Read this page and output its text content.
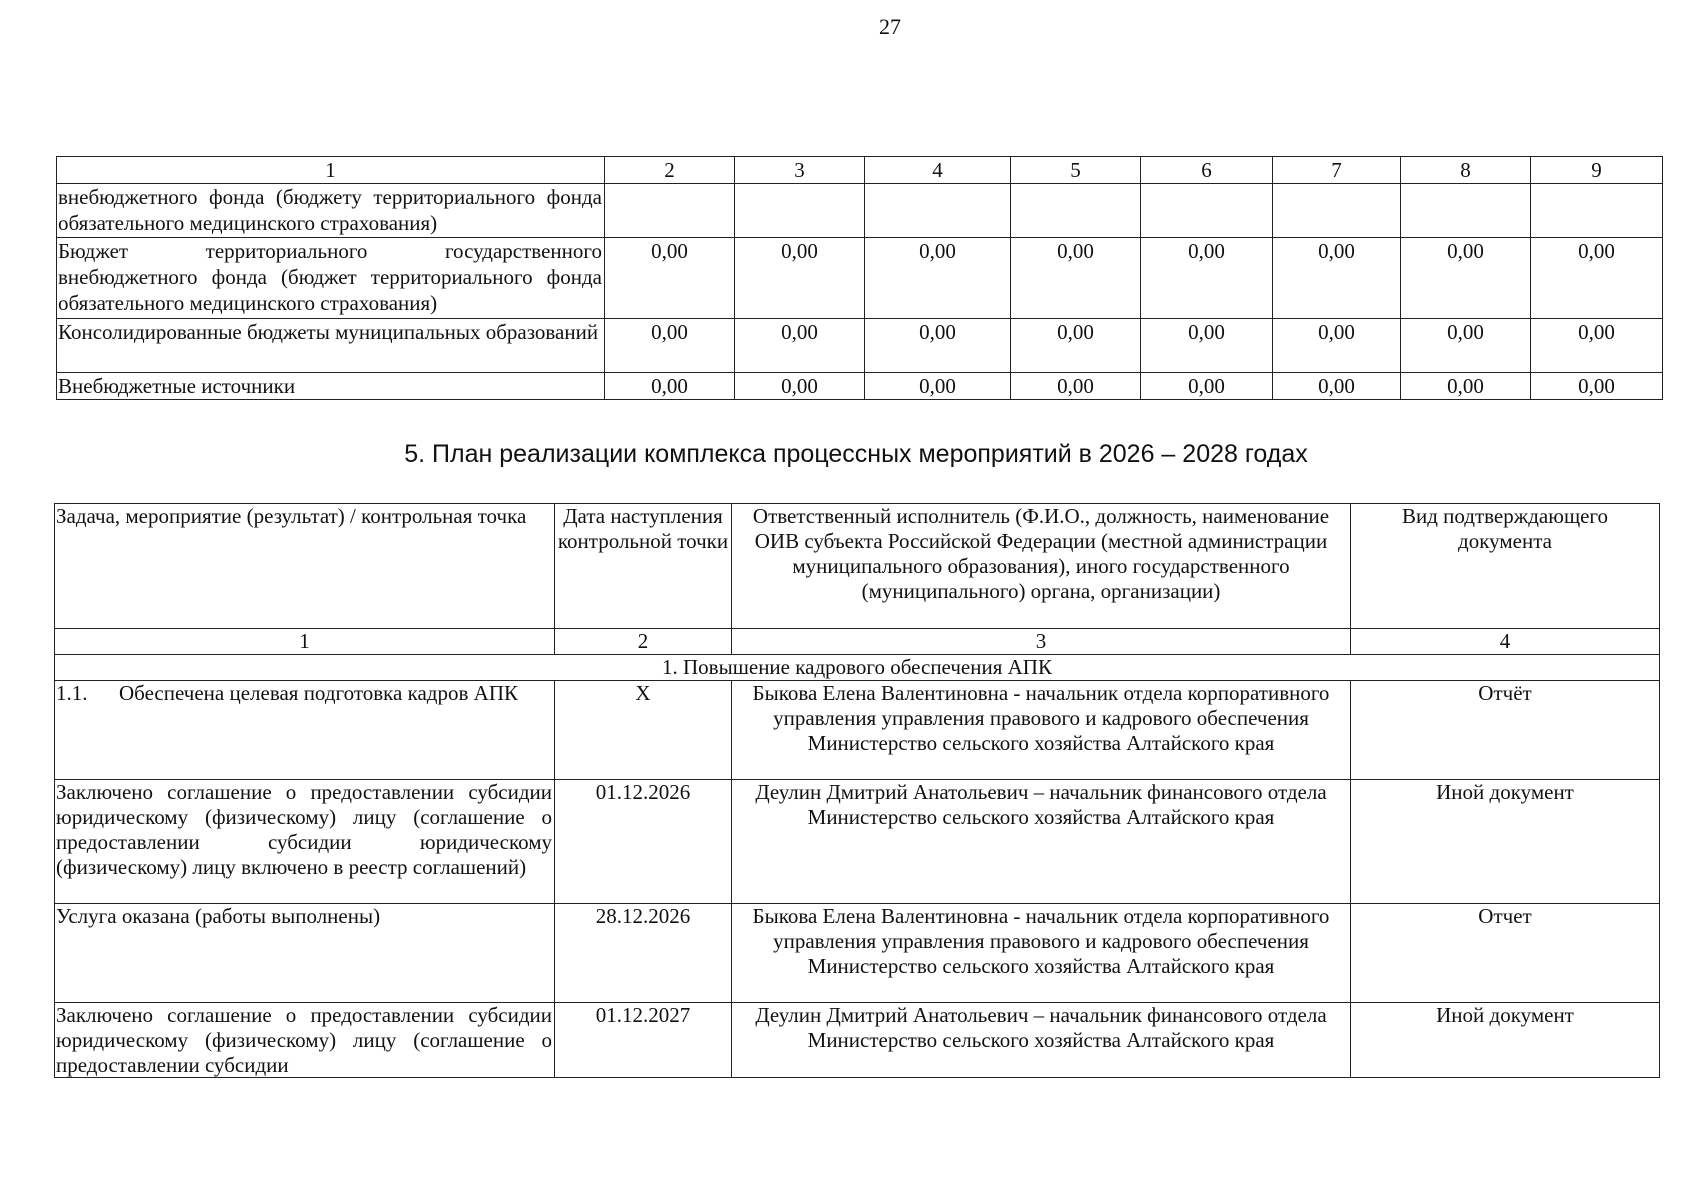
27
1	2	3	4	5	6	7	8	9
внебюджетного фонда (бюджету территориального фонда обязательного медицинского страхования)								
Бюджет территориального государственного внебюджетного фонда (бюджет территориального фонда обязательного медицинского страхования)	0,00	0,00	0,00	0,00	0,00	0,00	0,00	0,00
Консолидированные бюджеты муниципальных образований	0,00	0,00	0,00	0,00	0,00	0,00	0,00	0,00
Внебюджетные источники	0,00	0,00	0,00	0,00	0,00	0,00	0,00	0,00
5. План реализации комплекса процессных мероприятий в 2026 – 2028 годах
Задача, мероприятие (результат) / контрольная точка	Дата наступления контрольной точки	Ответственный исполнитель (Ф.И.О., должность, наименование ОИВ субъекта Российской Федерации (местной администрации муниципального образования), иного государственного (муниципального) органа, организации)	Вид подтверждающего документа
1	2	3	4
1. Повышение кадрового обеспечения АПК			
1.1.      Обеспечена целевая подготовка кадров АПК	X	Быкова Елена Валентиновна - начальник отдела корпоративного управления управления правового и кадрового обеспечения Министерство сельского хозяйства Алтайского края	Отчёт
Заключено соглашение о предоставлении субсидии юридическому (физическому) лицу (соглашение о предоставлении субсидии юридическому (физическому) лицу включено в реестр соглашений)	01.12.2026	Деулин Дмитрий Анатольевич – начальник финансового отдела Министерство сельского хозяйства Алтайского края	Иной документ
Услуга оказана (работы выполнены)	28.12.2026	Быкова Елена Валентиновна - начальник отдела корпоративного управления управления правового и кадрового обеспечения Министерство сельского хозяйства Алтайского края	Отчет

Заключено соглашение о предоставлении субсидии юридическому (физическому) лицу (соглашение о предоставлении субсидии	01.12.2027	Деулин Дмитрий Анатольевич – начальник финансового отдела Министерство сельского хозяйства Алтайского края	Иной документ
